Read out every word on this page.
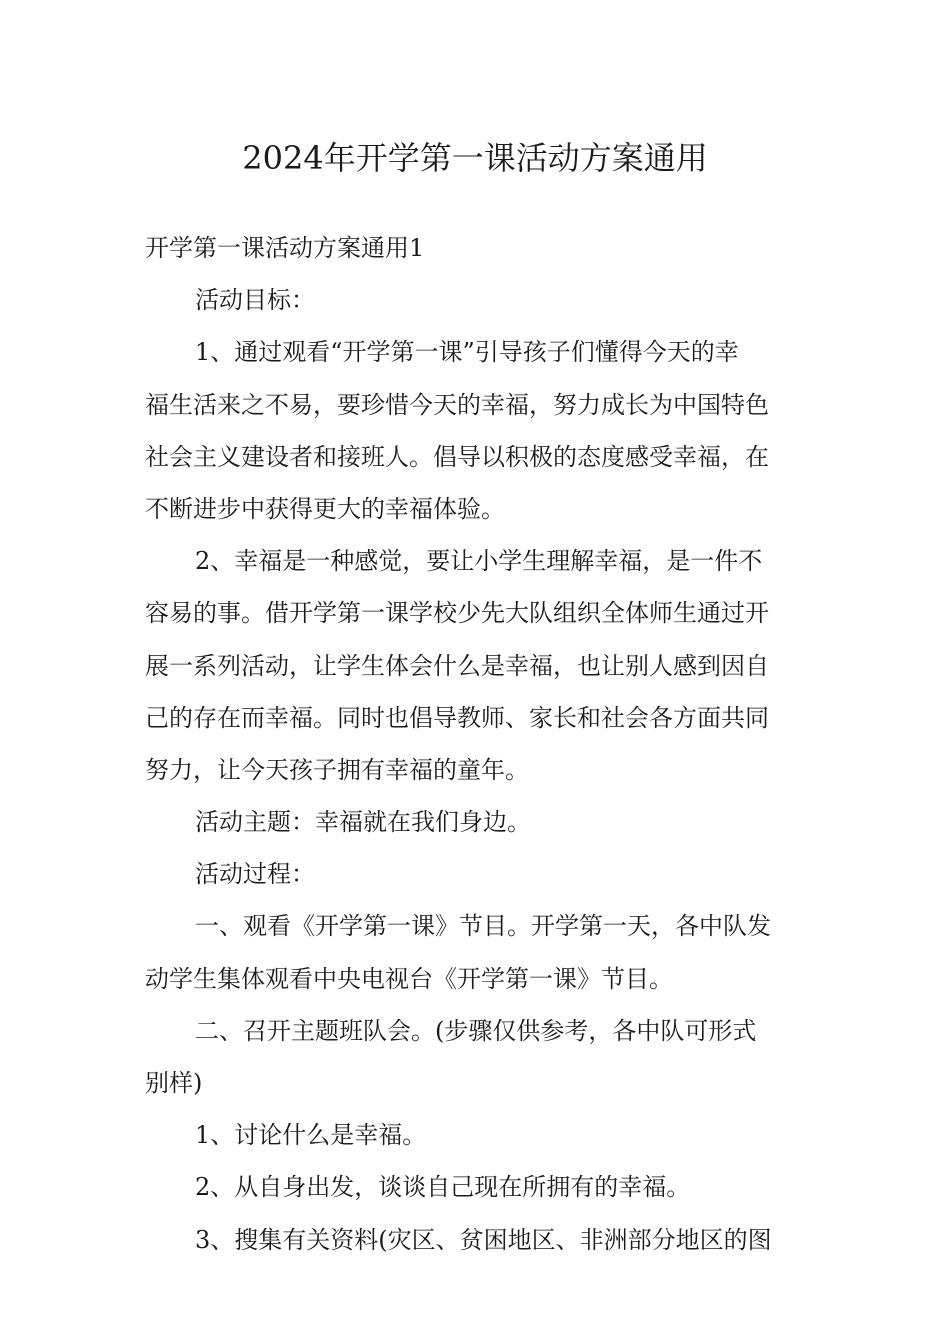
2024年开学第一课活动方案通用
开学第一课活动方案通用1
活动目标：
1、通过观看“开学第一课”引导孩子们懂得今天的幸
福生活来之不易，要珍惜今天的幸福，努力成长为中国特色
社会主义建设者和接班人。倡导以积极的态度感受幸福，在
不断进步中获得更大的幸福体验。
2、幸福是一种感觉，要让小学生理解幸福，是一件不
容易的事。借开学第一课学校少先大队组织全体师生通过开
展一系列活动，让学生体会什么是幸福，也让别人感到因自
己的存在而幸福。同时也倡导教师、家长和社会各方面共同
努力，让今天孩子拥有幸福的童年。
活动主题：幸福就在我们身边。
活动过程：
一、观看《开学第一课》节目。开学第一天，各中队发
动学生集体观看中央电视台《开学第一课》节目。
二、召开主题班队会。(步骤仅供参考，各中队可形式
别样)
1、讨论什么是幸福。
2、从自身出发，谈谈自己现在所拥有的幸福。
3、搜集有关资料(灾区、贫困地区、非洲部分地区的图
